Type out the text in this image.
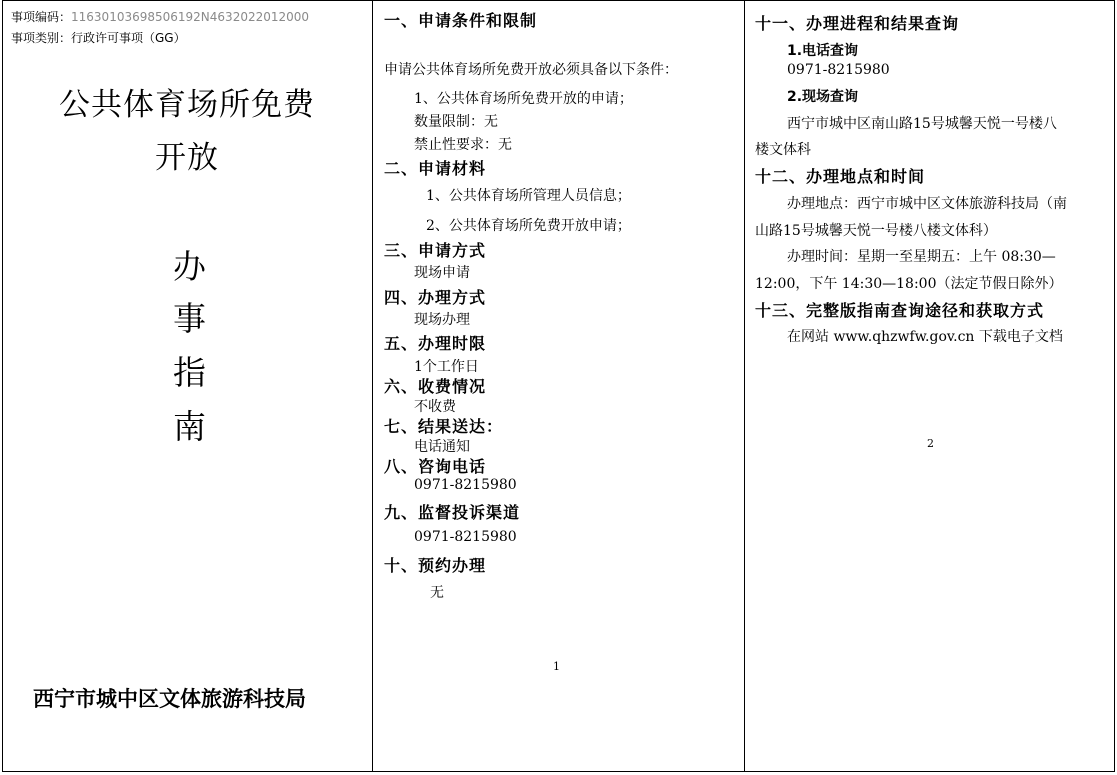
事项编码：11630103698506192N4632022012000
事项类别：行政许可事项（GG）
公共体育场所免费
开放
办
事
指
南
西宁市城中区文体旅游科技局
一、申请条件和限制
申请公共体育场所免费开放必须具备以下条件：
1、公共体育场所免费开放的申请；
数量限制：无
禁止性要求：无
二、申请材料
1、公共体育场所管理人员信息；
2、公共体育场所免费开放申请；
三、申请方式
现场申请
四、办理方式
现场办理
五、办理时限
1个工作日
六、收费情况
不收费
七、结果送达：
电话通知
八、咨询电话
0971-8215980
九、监督投诉渠道
0971-8215980
十、预约办理
无
1
十一、办理进程和结果查询
1.电话查询
0971-8215980
2.现场查询
西宁市城中区南山路15号城馨天悦一号楼八
楼文体科
十二、办理地点和时间
办理地点：西宁市城中区文体旅游科技局（南
山路15号城馨天悦一号楼八楼文体科）
办理时间：星期一至星期五：上午 08:30—
12:00，下午 14:30—18:00（法定节假日除外）
十三、完整版指南查询途径和获取方式
在网站 www.qhzwfw.gov.cn 下载电子文档
2
